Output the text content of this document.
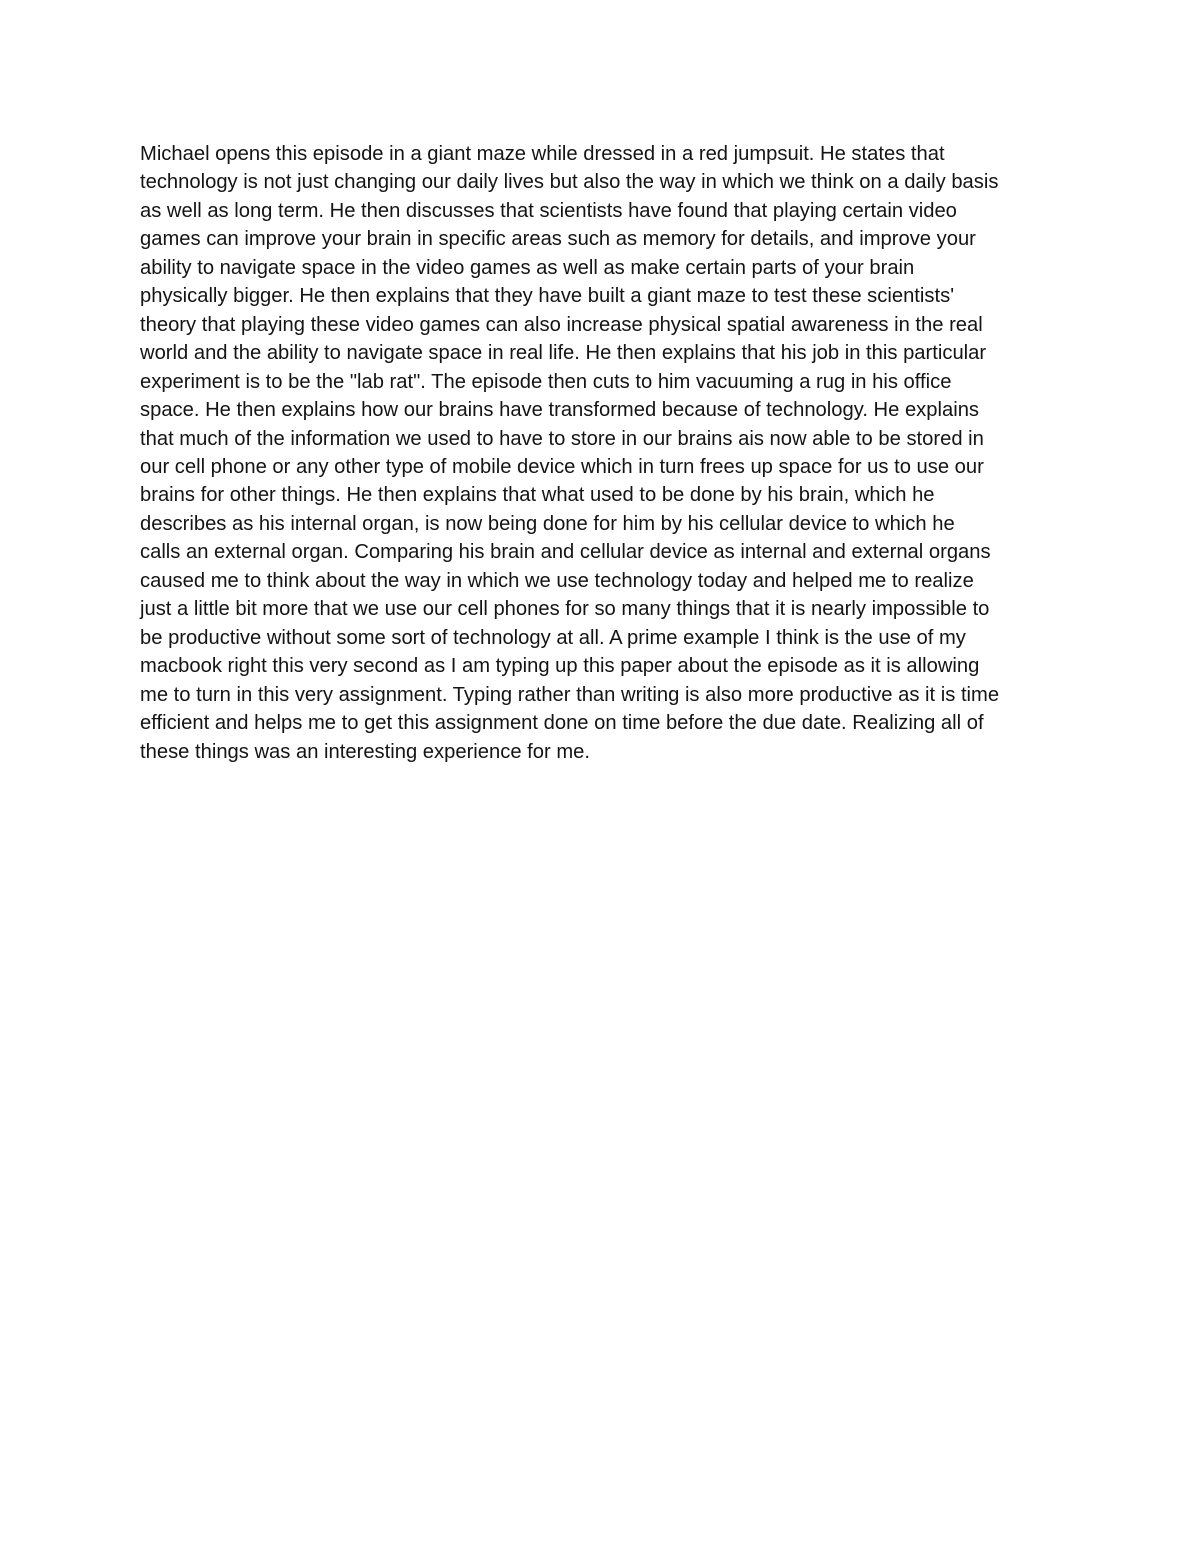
Michael opens this episode in a giant maze while dressed in a red jumpsuit. He states that
technology is not just changing our daily lives but also the way in which we think on a daily basis
as well as long term. He then discusses that scientists have found that playing certain video
games can improve your brain in specific areas such as memory for details, and improve your
ability to navigate space in the video games as well as make certain parts of your brain
physically bigger. He then explains that they have built a giant maze to test these scientists'
theory that playing these video games can also increase physical spatial awareness in the real
world and the ability to navigate space in real life. He then explains that his job in this particular
experiment is to be the "lab rat". The episode then cuts to him vacuuming a rug in his office
space. He then explains how our brains have transformed because of technology. He explains
that much of the information we used to have to store in our brains ais now able to be stored in
our cell phone or any other type of mobile device which in turn frees up space for us to use our
brains for other things. He then explains that what used to be done by his brain, which he
describes as his internal organ, is now being done for him by his cellular device to which he
calls an external organ. Comparing his brain and cellular device as internal and external organs
caused me to think about the way in which we use technology today and helped me to realize
just a little bit more that we use our cell phones for so many things that it is nearly impossible to
be productive without some sort of technology at all. A prime example I think is the use of my
macbook right this very second as I am typing up this paper about the episode as it is allowing
me to turn in this very assignment. Typing rather than writing is also more productive as it is time
efficient and helps me to get this assignment done on time before the due date. Realizing all of
these things was an interesting experience for me.
